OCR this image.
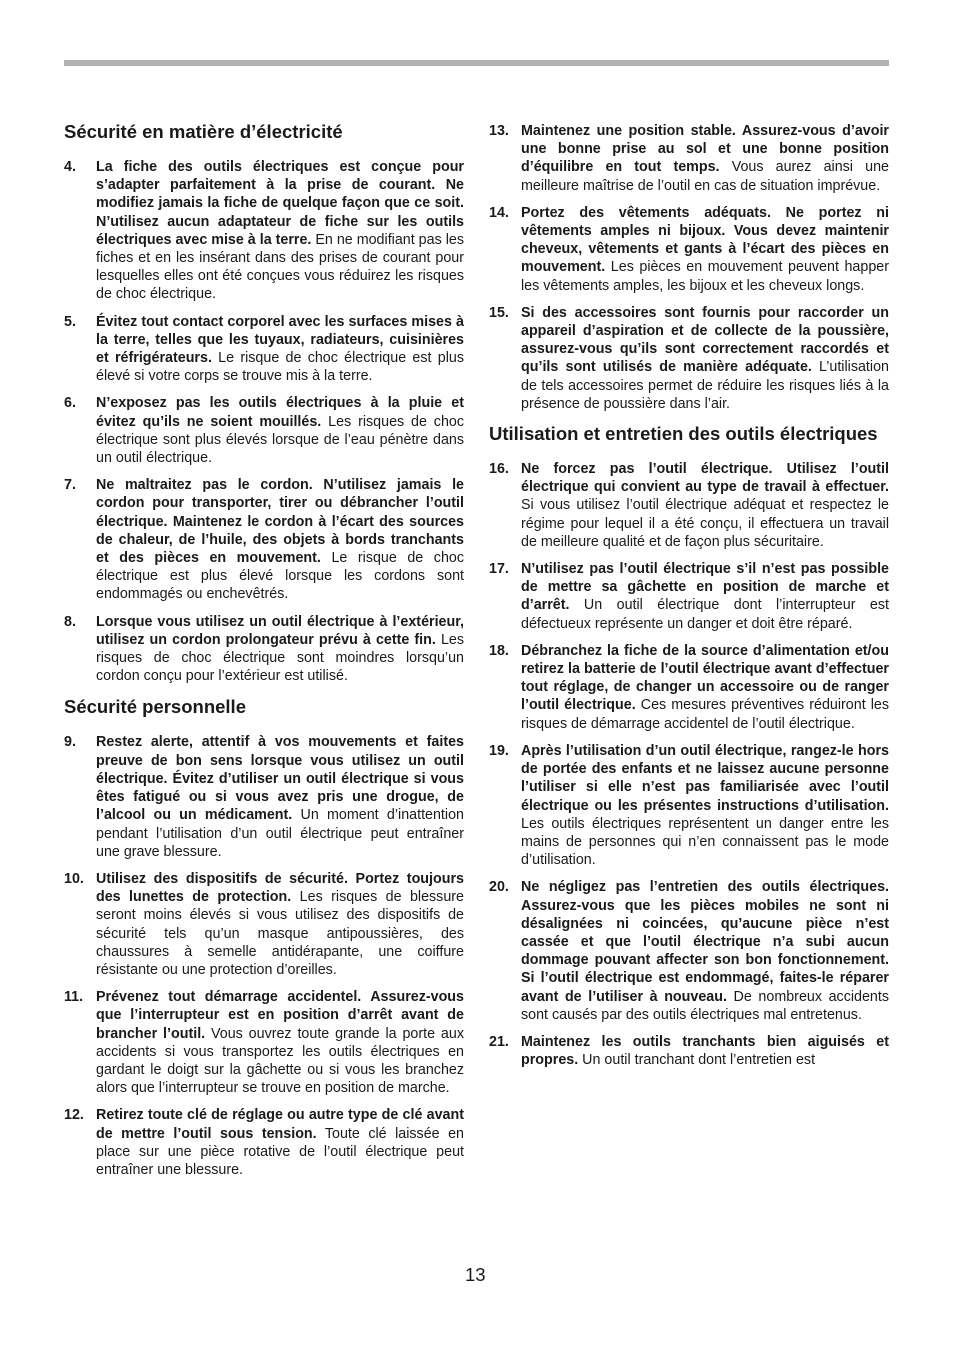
Sécurité en matière d’électricité
4.	La fiche des outils électriques est conçue pour s’adapter parfaitement à la prise de courant. Ne modifiez jamais la fiche de quelque façon que ce soit. N’utilisez aucun adaptateur de fiche sur les outils électriques avec mise à la terre. En ne modifiant pas les fiches et en les insérant dans des prises de courant pour lesquelles elles ont été conçues vous réduirez les risques de choc électrique.
5.	Évitez tout contact corporel avec les surfaces mises à la terre, telles que les tuyaux, radiateurs, cuisinières et réfrigérateurs. Le risque de choc électrique est plus élevé si votre corps se trouve mis à la terre.
6.	N’exposez pas les outils électriques à la pluie et évitez qu’ils ne soient mouillés. Les risques de choc électrique sont plus élevés lorsque de l’eau pénètre dans un outil électrique.
7.	Ne maltraitez pas le cordon. N’utilisez jamais le cordon pour transporter, tirer ou débrancher l’outil électrique. Maintenez le cordon à l’écart des sources de chaleur, de l’huile, des objets à bords tranchants et des pièces en mouvement. Le risque de choc électrique est plus élevé lorsque les cordons sont endommagés ou enchevêtrés.
8.	Lorsque vous utilisez un outil électrique à l’extérieur, utilisez un cordon prolongateur prévu à cette fin. Les risques de choc électrique sont moindres lorsqu’un cordon conçu pour l’extérieur est utilisé.
Sécurité personnelle
9.	Restez alerte, attentif à vos mouvements et faites preuve de bon sens lorsque vous utilisez un outil électrique. Évitez d’utiliser un outil électrique si vous êtes fatigué ou si vous avez pris une drogue, de l’alcool ou un médicament. Un moment d’inattention pendant l’utilisation d’un outil électrique peut entraîner une grave blessure.
10. Utilisez des dispositifs de sécurité. Portez toujours des lunettes de protection. Les risques de blessure seront moins élevés si vous utilisez des dispositifs de sécurité tels qu’un masque antipoussières, des chaussures à semelle antidérapante, une coiffure résistante ou une protection d’oreilles.
11. Prévenez tout démarrage accidentel. Assurez-vous que l’interrupteur est en position d’arrêt avant de brancher l’outil. Vous ouvrez toute grande la porte aux accidents si vous transportez les outils électriques en gardant le doigt sur la gâchette ou si vous les branchez alors que l’interrupteur se trouve en position de marche.
12. Retirez toute clé de réglage ou autre type de clé avant de mettre l’outil sous tension. Toute clé laissée en place sur une pièce rotative de l’outil électrique peut entraîner une blessure.
13. Maintenez une position stable. Assurez-vous d’avoir une bonne prise au sol et une bonne position d’équilibre en tout temps. Vous aurez ainsi une meilleure maîtrise de l’outil en cas de situation imprévue.
14. Portez des vêtements adéquats. Ne portez ni vêtements amples ni bijoux. Vous devez maintenir cheveux, vêtements et gants à l’écart des pièces en mouvement. Les pièces en mouvement peuvent happer les vêtements amples, les bijoux et les cheveux longs.
15. Si des accessoires sont fournis pour raccorder un appareil d’aspiration et de collecte de la poussière, assurez-vous qu’ils sont correctement raccordés et qu’ils sont utilisés de manière adéquate. L’utilisation de tels accessoires permet de réduire les risques liés à la présence de poussière dans l’air.
Utilisation et entretien des outils électriques
16. Ne forcez pas l’outil électrique. Utilisez l’outil électrique qui convient au type de travail à effectuer. Si vous utilisez l’outil électrique adéquat et respectez le régime pour lequel il a été conçu, il effectuera un travail de meilleure qualité et de façon plus sécuritaire.
17. N’utilisez pas l’outil électrique s’il n’est pas possible de mettre sa gâchette en position de marche et d’arrêt. Un outil électrique dont l’interrupteur est défectueux représente un danger et doit être réparé.
18. Débranchez la fiche de la source d’alimentation et/ou retirez la batterie de l’outil électrique avant d’effectuer tout réglage, de changer un accessoire ou de ranger l’outil électrique. Ces mesures préventives réduiront les risques de démarrage accidentel de l’outil électrique.
19. Après l’utilisation d’un outil électrique, rangez-le hors de portée des enfants et ne laissez aucune personne l’utiliser si elle n’est pas familiarisée avec l’outil électrique ou les présentes instructions d’utilisation. Les outils électriques représentent un danger entre les mains de personnes qui n’en connaissent pas le mode d’utilisation.
20. Ne négligez pas l’entretien des outils électriques. Assurez-vous que les pièces mobiles ne sont ni désalignées ni coincées, qu’aucune pièce n’est cassée et que l’outil électrique n’a subi aucun dommage pouvant affecter son bon fonctionnement. Si l’outil électrique est endommagé, faites-le réparer avant de l’utiliser à nouveau. De nombreux accidents sont causés par des outils électriques mal entretenus.
21. Maintenez les outils tranchants bien aiguisés et propres. Un outil tranchant dont l’entretien est
13
